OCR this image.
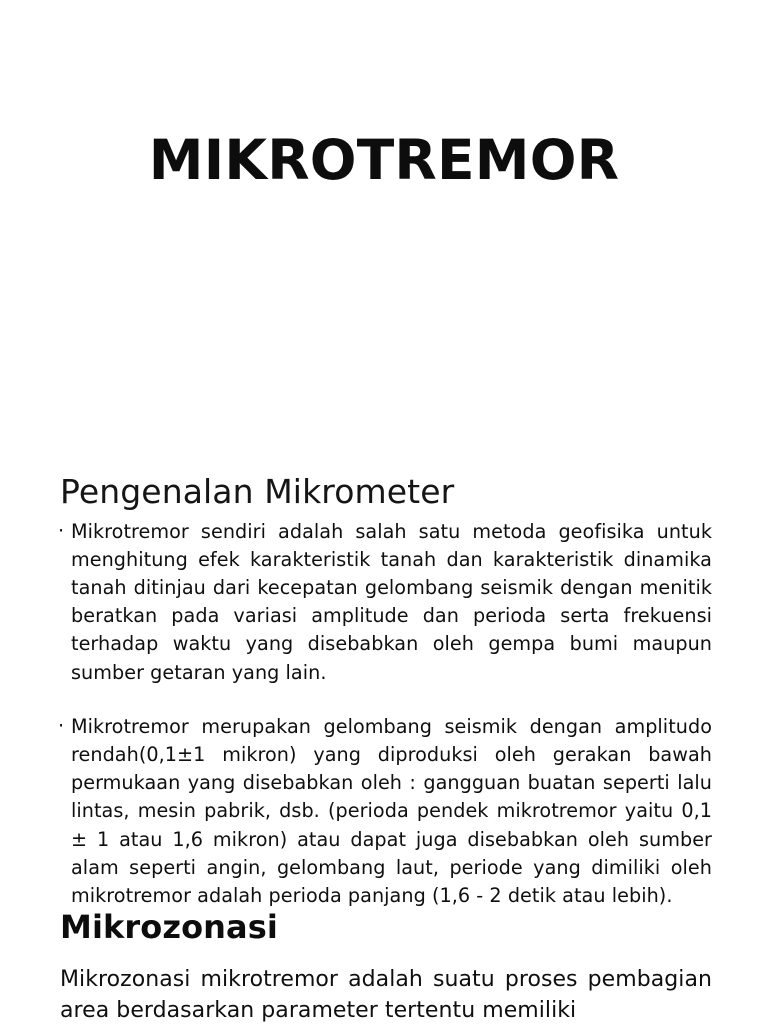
MIKROTREMOR
Pengenalan Mikrometer
· Mikrotremor sendiri adalah salah satu metoda geofisika untuk menghitung efek karakteristik tanah dan karakteristik dinamika tanah ditinjau dari kecepatan gelombang seismik dengan menitik beratkan pada variasi amplitude dan perioda serta frekuensi terhadap waktu yang disebabkan oleh gempa bumi maupun sumber getaran yang lain.
· Mikrotremor merupakan gelombang seismik dengan amplitudo rendah(0,1±1 mikron) yang diproduksi oleh gerakan bawah permukaan yang disebabkan oleh : gangguan buatan seperti lalu lintas, mesin pabrik, dsb. (perioda pendek mikrotremor yaitu 0,1 ± 1 atau 1,6 mikron) atau dapat juga disebabkan oleh sumber alam seperti angin, gelombang laut, periode yang dimiliki oleh mikrotremor adalah perioda panjang (1,6 - 2 detik atau lebih).
Mikrozonasi

Mikrozonasi mikrotremor adalah suatu proses pembagian area berdasarkan parameter tertentu memiliki
